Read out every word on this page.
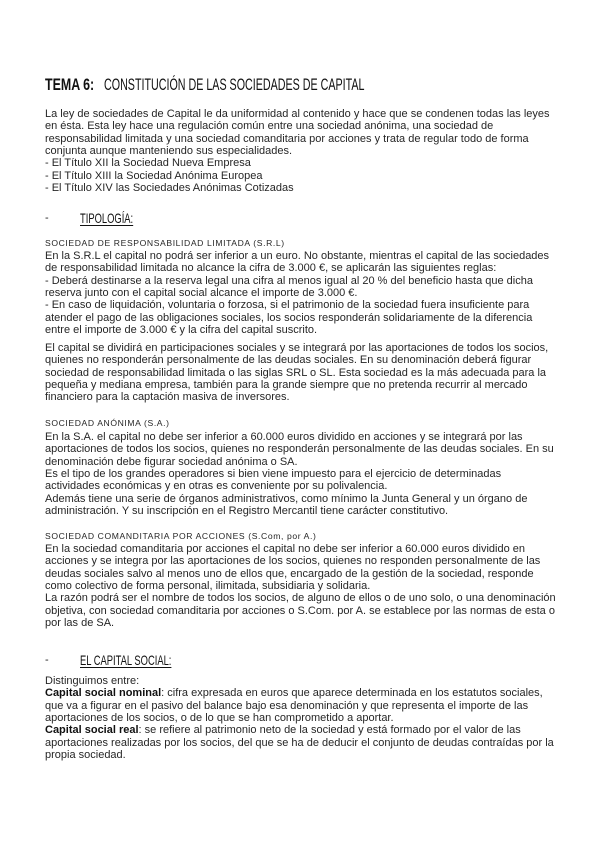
TEMA 6: CONSTITUCIÓN DE LAS SOCIEDADES DE CAPITAL
La ley de sociedades de Capital le da uniformidad al contenido y hace que se condenen todas las leyes
en ésta. Esta ley hace una regulación común entre una sociedad anónima, una sociedad de
responsabilidad limitada y una sociedad comanditaria por acciones y trata de regular todo de forma
conjunta aunque manteniendo sus especialidades.
- El Título XII la Sociedad Nueva Empresa
- El Título XIII la Sociedad Anónima Europea
- El Título XIV las Sociedades Anónimas Cotizadas
- TIPOLOGÍA:
SOCIEDAD DE RESPONSABILIDAD LIMITADA (S.R.L)
En la S.R.L el capital no podrá ser inferior a un euro. No obstante, mientras el capital de las sociedades
de responsabilidad limitada no alcance la cifra de 3.000 €, se aplicarán las siguientes reglas:
- Deberá destinarse a la reserva legal una cifra al menos igual al 20 % del beneficio hasta que dicha
reserva junto con el capital social alcance el importe de 3.000 €.
- En caso de liquidación, voluntaria o forzosa, si el patrimonio de la sociedad fuera insuficiente para
atender el pago de las obligaciones sociales, los socios responderán solidariamente de la diferencia
entre el importe de 3.000 € y la cifra del capital suscrito.
El capital se dividirá en participaciones sociales y se integrará por las aportaciones de todos los socios,
quienes no responderán personalmente de las deudas sociales. En su denominación deberá figurar
sociedad de responsabilidad limitada o las siglas SRL o SL. Esta sociedad es la más adecuada para la
pequeña y mediana empresa, también para la grande siempre que no pretenda recurrir al mercado
financiero para la captación masiva de inversores.
SOCIEDAD ANÓNIMA (S.A.)
En la S.A. el capital no debe ser inferior a 60.000 euros dividido en acciones y se integrará por las
aportaciones de todos los socios, quienes no responderán personalmente de las deudas sociales. En su
denominación debe figurar sociedad anónima o SA.
Es el tipo de los grandes operadores si bien viene impuesto para el ejercicio de determinadas
actividades económicas y en otras es conveniente por su polivalencia.
Además tiene una serie de órganos administrativos, como mínimo la Junta General y un órgano de
administración. Y su inscripción en el Registro Mercantil tiene carácter constitutivo.
SOCIEDAD COMANDITARIA POR ACCIONES (S.Com, por A.)
En la sociedad comanditaria por acciones el capital no debe ser inferior a 60.000 euros dividido en
acciones y se integra por las aportaciones de los socios, quienes no responden personalmente de las
deudas sociales salvo al menos uno de ellos que, encargado de la gestión de la sociedad, responde
como colectivo de forma personal, ilimitada, subsidiaria y solidaria.
La razón podrá ser el nombre de todos los socios, de alguno de ellos o de uno solo, o una denominación
objetiva, con sociedad comanditaria por acciones o S.Com. por A. se establece por las normas de esta o
por las de SA.
- EL CAPITAL SOCIAL:
Distinguimos entre:
Capital social nominal: cifra expresada en euros que aparece determinada en los estatutos sociales,
que va a figurar en el pasivo del balance bajo esa denominación y que representa el importe de las
aportaciones de los socios, o de lo que se han comprometido a aportar.
Capital social real: se refiere al patrimonio neto de la sociedad y está formado por el valor de las
aportaciones realizadas por los socios, del que se ha de deducir el conjunto de deudas contraídas por la
propia sociedad.
